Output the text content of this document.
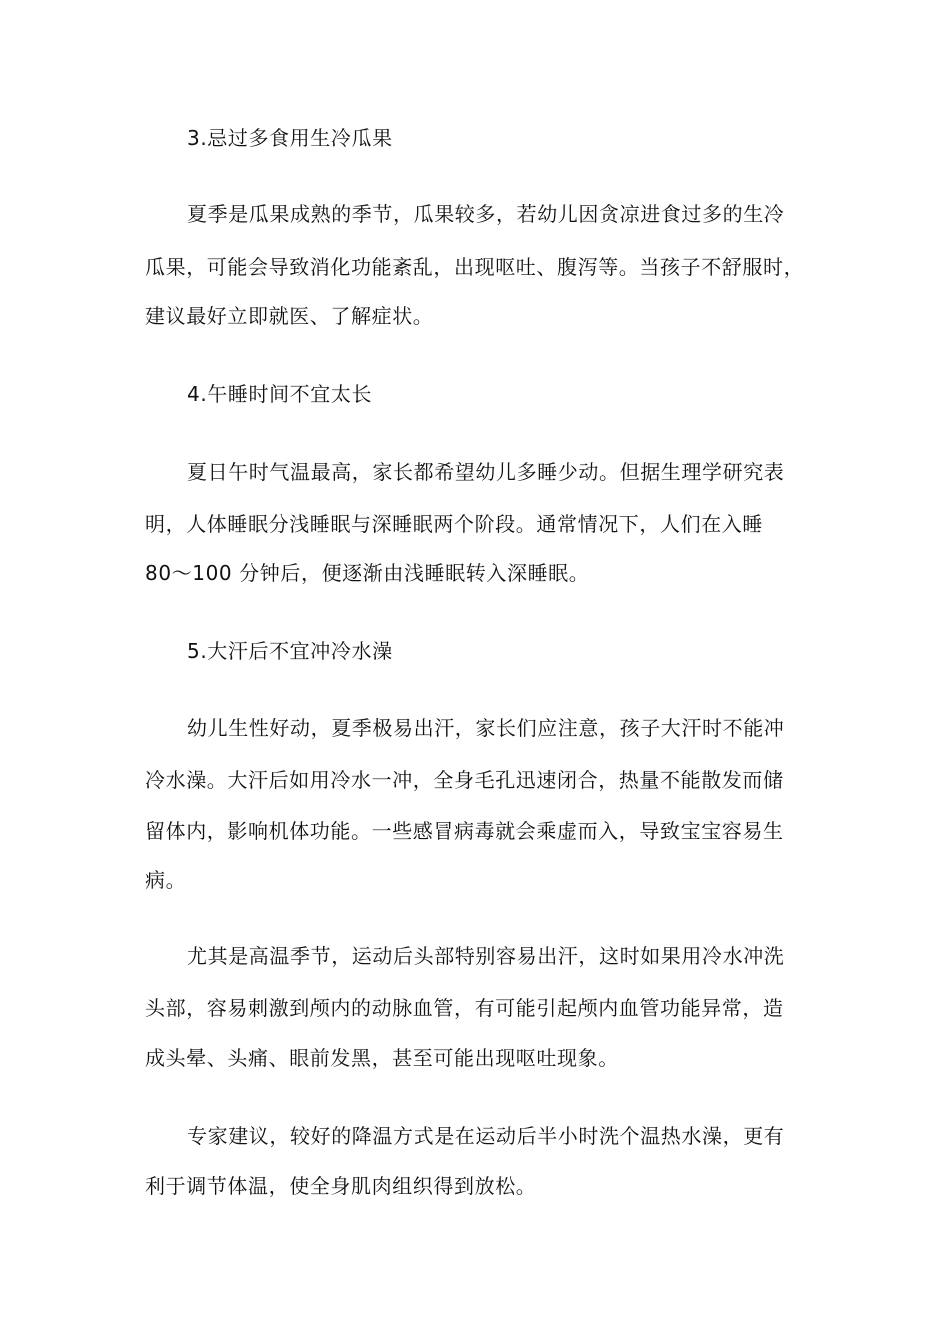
3.忌过多食用生冷瓜果
夏季是瓜果成熟的季节，瓜果较多，若幼儿因贪凉进食过多的生冷
瓜果，可能会导致消化功能紊乱，出现呕吐、腹泻等。当孩子不舒服时，
建议最好立即就医、了解症状。
4.午睡时间不宜太长
夏日午时气温最高，家长都希望幼儿多睡少动。但据生理学研究表
明，人体睡眠分浅睡眠与深睡眠两个阶段。通常情况下，人们在入睡
80～100 分钟后，便逐渐由浅睡眠转入深睡眠。
5.大汗后不宜冲冷水澡
幼儿生性好动，夏季极易出汗，家长们应注意，孩子大汗时不能冲
冷水澡。大汗后如用冷水一冲，全身毛孔迅速闭合，热量不能散发而储
留体内，影响机体功能。一些感冒病毒就会乘虚而入，导致宝宝容易生
病。
尤其是高温季节，运动后头部特别容易出汗，这时如果用冷水冲洗
头部，容易刺激到颅内的动脉血管，有可能引起颅内血管功能异常，造
成头晕、头痛、眼前发黑，甚至可能出现呕吐现象。
专家建议，较好的降温方式是在运动后半小时洗个温热水澡，更有
利于调节体温，使全身肌肉组织得到放松。
